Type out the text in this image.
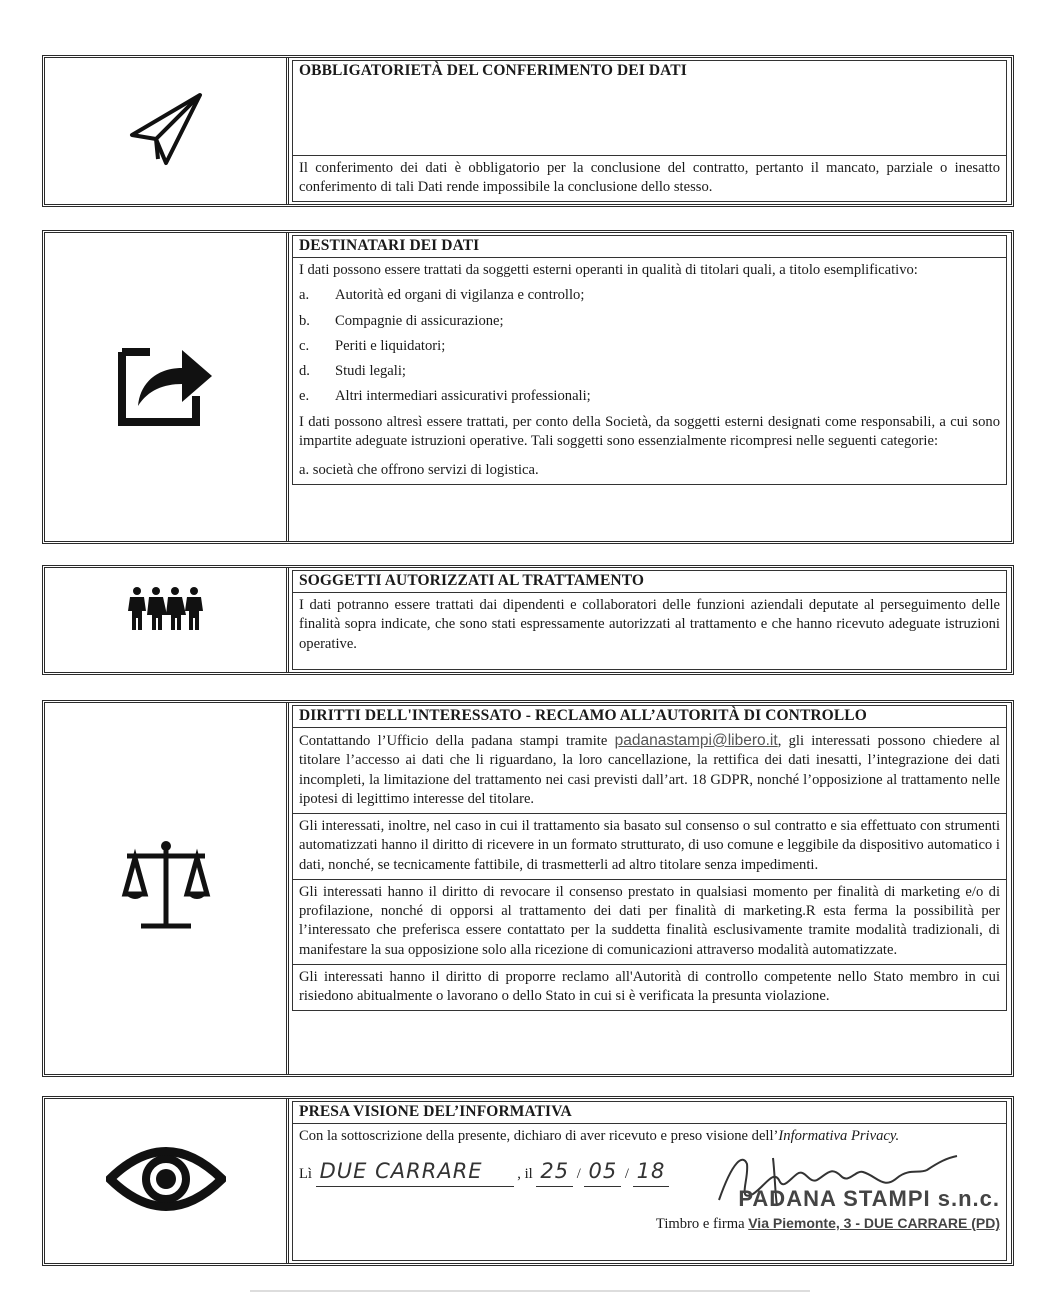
OBBLIGATORIETÀ DEL CONFERIMENTO DEI DATI
Il conferimento dei dati è obbligatorio per la conclusione del contratto, pertanto il mancato, parziale o inesatto conferimento di tali Dati rende impossibile la conclusione dello stesso.
DESTINATARI DEI DATI
I dati possono essere trattati da soggetti esterni operanti in qualità di titolari quali, a titolo esemplificativo:
a.	Autorità ed organi di vigilanza e controllo;
b.	Compagnie di assicurazione;
c.	Periti e liquidatori;
d.	Studi legali;
e.	Altri intermediari assicurativi professionali;
I dati possono altresì essere trattati, per conto della Società, da soggetti esterni designati come responsabili, a cui sono impartite adeguate istruzioni operative. Tali soggetti sono essenzialmente ricompresi nelle seguenti categorie:
a. società che offrono servizi di logistica.
SOGGETTI AUTORIZZATI AL TRATTAMENTO
I dati potranno essere trattati dai dipendenti e collaboratori delle funzioni aziendali deputate al perseguimento delle finalità sopra indicate, che sono stati espressamente autorizzati al trattamento e che hanno ricevuto adeguate istruzioni operative.
DIRITTI DELL'INTERESSATO - RECLAMO ALL’AUTORITÀ DI CONTROLLO
Contattando l’Ufficio della padana stampi tramite padanastampi@libero.it, gli interessati possono chiedere al titolare l’accesso ai dati che li riguardano, la loro cancellazione, la rettifica dei dati inesatti, l’integrazione dei dati incompleti, la limitazione del trattamento nei casi previsti dall’art. 18 GDPR, nonché l’opposizione al trattamento nelle ipotesi di legittimo interesse del titolare.
Gli interessati, inoltre, nel caso in cui il trattamento sia basato sul consenso o sul contratto e sia effettuato con strumenti automatizzati hanno il diritto di ricevere in un formato strutturato, di uso comune e leggibile da dispositivo automatico i dati, nonché, se tecnicamente fattibile, di trasmetterli ad altro titolare senza impedimenti.
Gli interessati hanno il diritto di revocare il consenso prestato in qualsiasi momento per finalità di marketing e/o di profilazione, nonché di opporsi al trattamento dei dati per finalità di marketing.R esta ferma la possibilità per l’interessato che preferisca essere contattato per la suddetta finalità esclusivamente tramite modalità tradizionali, di manifestare la sua opposizione solo alla ricezione di comunicazioni attraverso modalità automatizzate.
Gli interessati hanno il diritto di proporre reclamo all'Autorità di controllo competente nello Stato membro in cui risiedono abitualmente o lavorano o dello Stato in cui si è verificata la presunta violazione.
PRESA VISIONE DEL’INFORMATIVA
Con la sottoscrizione della presente, dichiaro di aver ricevuto e preso visione dell’Informativa Privacy.
Lì DUE CARRARE , il 25 / 05 / 18
PADANA STAMPI s.n.c.
Timbro e firma Via Piemonte, 3 - DUE CARRARE (PD)
